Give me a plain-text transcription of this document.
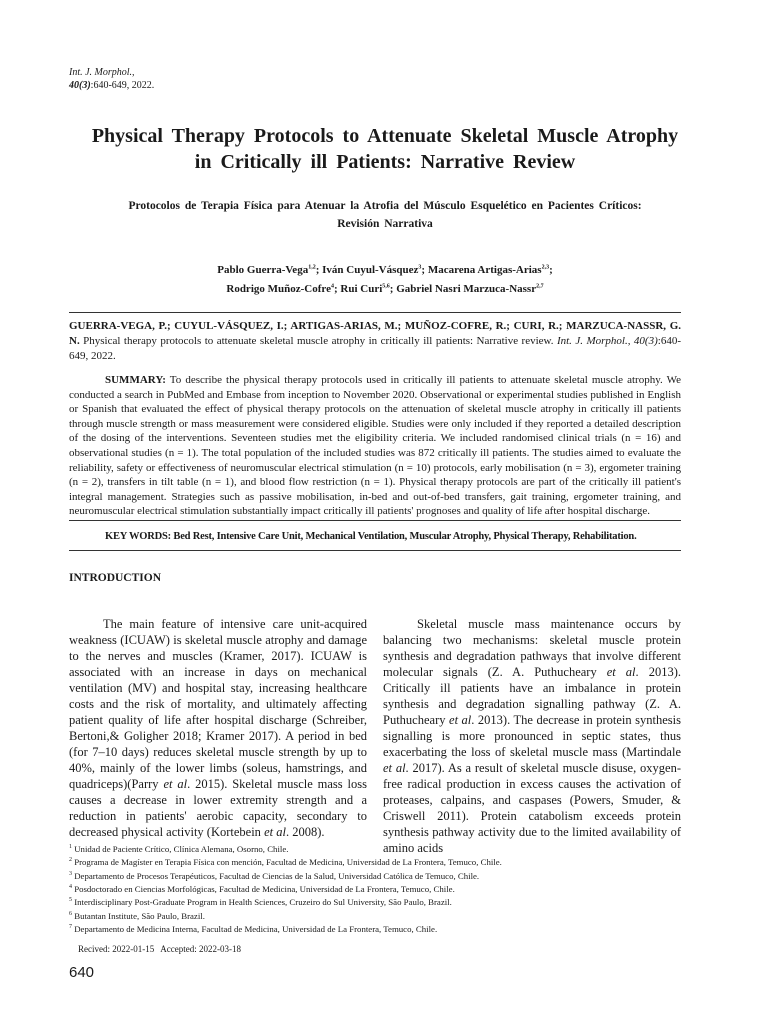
Int. J. Morphol.,
40(3):640-649, 2022.
Physical Therapy Protocols to Attenuate Skeletal Muscle Atrophy in Critically ill Patients: Narrative Review
Protocolos de Terapia Física para Atenuar la Atrofia del Músculo Esquelético en Pacientes Críticos: Revisión Narrativa
Pablo Guerra-Vega$^{1,2}$; Iván Cuyul-Vásquez$^3$; Macarena Artigas-Arias$^{2,3}$;
Rodrigo Muñoz-Cofre$^4$; Rui Curi$^{5,6}$; Gabriel Nasri Marzuca-Nassr$^{2,7}$
GUERRA-VEGA, P.; CUYUL-VÁSQUEZ, I.; ARTIGAS-ARIAS, M.; MUÑOZ-COFRE, R.; CURI, R.; MARZUCA-NASSR, G. N. Physical therapy protocols to attenuate skeletal muscle atrophy in critically ill patients: Narrative review. Int. J. Morphol., 40(3):640-649, 2022.
SUMMARY: To describe the physical therapy protocols used in critically ill patients to attenuate skeletal muscle atrophy. We conducted a search in PubMed and Embase from inception to November 2020. Observational or experimental studies published in English or Spanish that evaluated the effect of physical therapy protocols on the attenuation of skeletal muscle atrophy in critically ill patients through muscle strength or mass measurement were considered eligible. Studies were only included if they reported a detailed description of the dosing of the interventions. Seventeen studies met the eligibility criteria. We included randomised clinical trials (n = 16) and observational studies (n = 1). The total population of the included studies was 872 critically ill patients. The studies aimed to evaluate the reliability, safety or effectiveness of neuromuscular electrical stimulation (n = 10) protocols, early mobilisation (n = 3), ergometer training (n = 2), transfers in tilt table (n = 1), and blood flow restriction (n = 1). Physical therapy protocols are part of the critically ill patient's integral management. Strategies such as passive mobilisation, in-bed and out-of-bed transfers, gait training, ergometer training, and neuromuscular electrical stimulation substantially impact critically ill patients' prognoses and quality of life after hospital discharge.
KEY WORDS: Bed Rest, Intensive Care Unit, Mechanical Ventilation, Muscular Atrophy, Physical Therapy, Rehabilitation.
INTRODUCTION

The main feature of intensive care unit-acquired weakness (ICUAW) is skeletal muscle atrophy and damage to the nerves and muscles (Kramer, 2017). ICUAW is associated with an increase in days on mechanical ventilation (MV) and hospital stay, increasing healthcare costs and the risk of mortality, and ultimately affecting patient quality of life after hospital discharge (Schreiber, Bertoni,& Goligher 2018; Kramer 2017). A period in bed (for 7–10 days) reduces skeletal muscle strength by up to 40%, mainly of the lower limbs (soleus, hamstrings, and quadriceps)(Parry et al. 2015). Skeletal muscle mass loss causes a decrease in lower extremity strength and a reduction in patients' aerobic capacity, secondary to decreased physical activity (Kortebein et al. 2008).

Skeletal muscle mass maintenance occurs by balancing two mechanisms: skeletal muscle protein synthesis and degradation pathways that involve different molecular signals (Z. A. Puthucheary et al. 2013). Critically ill patients have an imbalance in protein synthesis and degradation signalling pathway (Z. A. Puthucheary et al. 2013). The decrease in protein synthesis signalling is more pronounced in septic states, thus exacerbating the loss of skeletal muscle mass (Martindale et al. 2017). As a result of skeletal muscle disuse, oxygen-free radical production in excess causes the activation of proteases, calpains, and caspases (Powers, Smuder, & Criswell 2011). Protein catabolism exceeds protein synthesis pathway activity due to the limited availability of amino acids

$^1$ Unidad de Paciente Crítico, Clínica Alemana, Osorno, Chile.
$^2$ Programa de Magíster en Terapia Física con mención, Facultad de Medicina, Universidad de La Frontera, Temuco, Chile.
$^3$ Departamento de Procesos Terapéuticos, Facultad de Ciencias de la Salud, Universidad Católica de Temuco, Chile.
$^4$ Posdoctorado en Ciencias Morfológicas, Facultad de Medicina, Universidad de La Frontera, Temuco, Chile.
$^5$ Interdisciplinary Post-Graduate Program in Health Sciences, Cruzeiro do Sul University, São Paulo, Brazil.
$^6$ Butantan Institute, São Paulo, Brazil.
$^7$ Departamento de Medicina Interna, Facultad de Medicina, Universidad de La Frontera, Temuco, Chile.
Recived: 2022-01-15 Accepted: 2022-03-18
640
